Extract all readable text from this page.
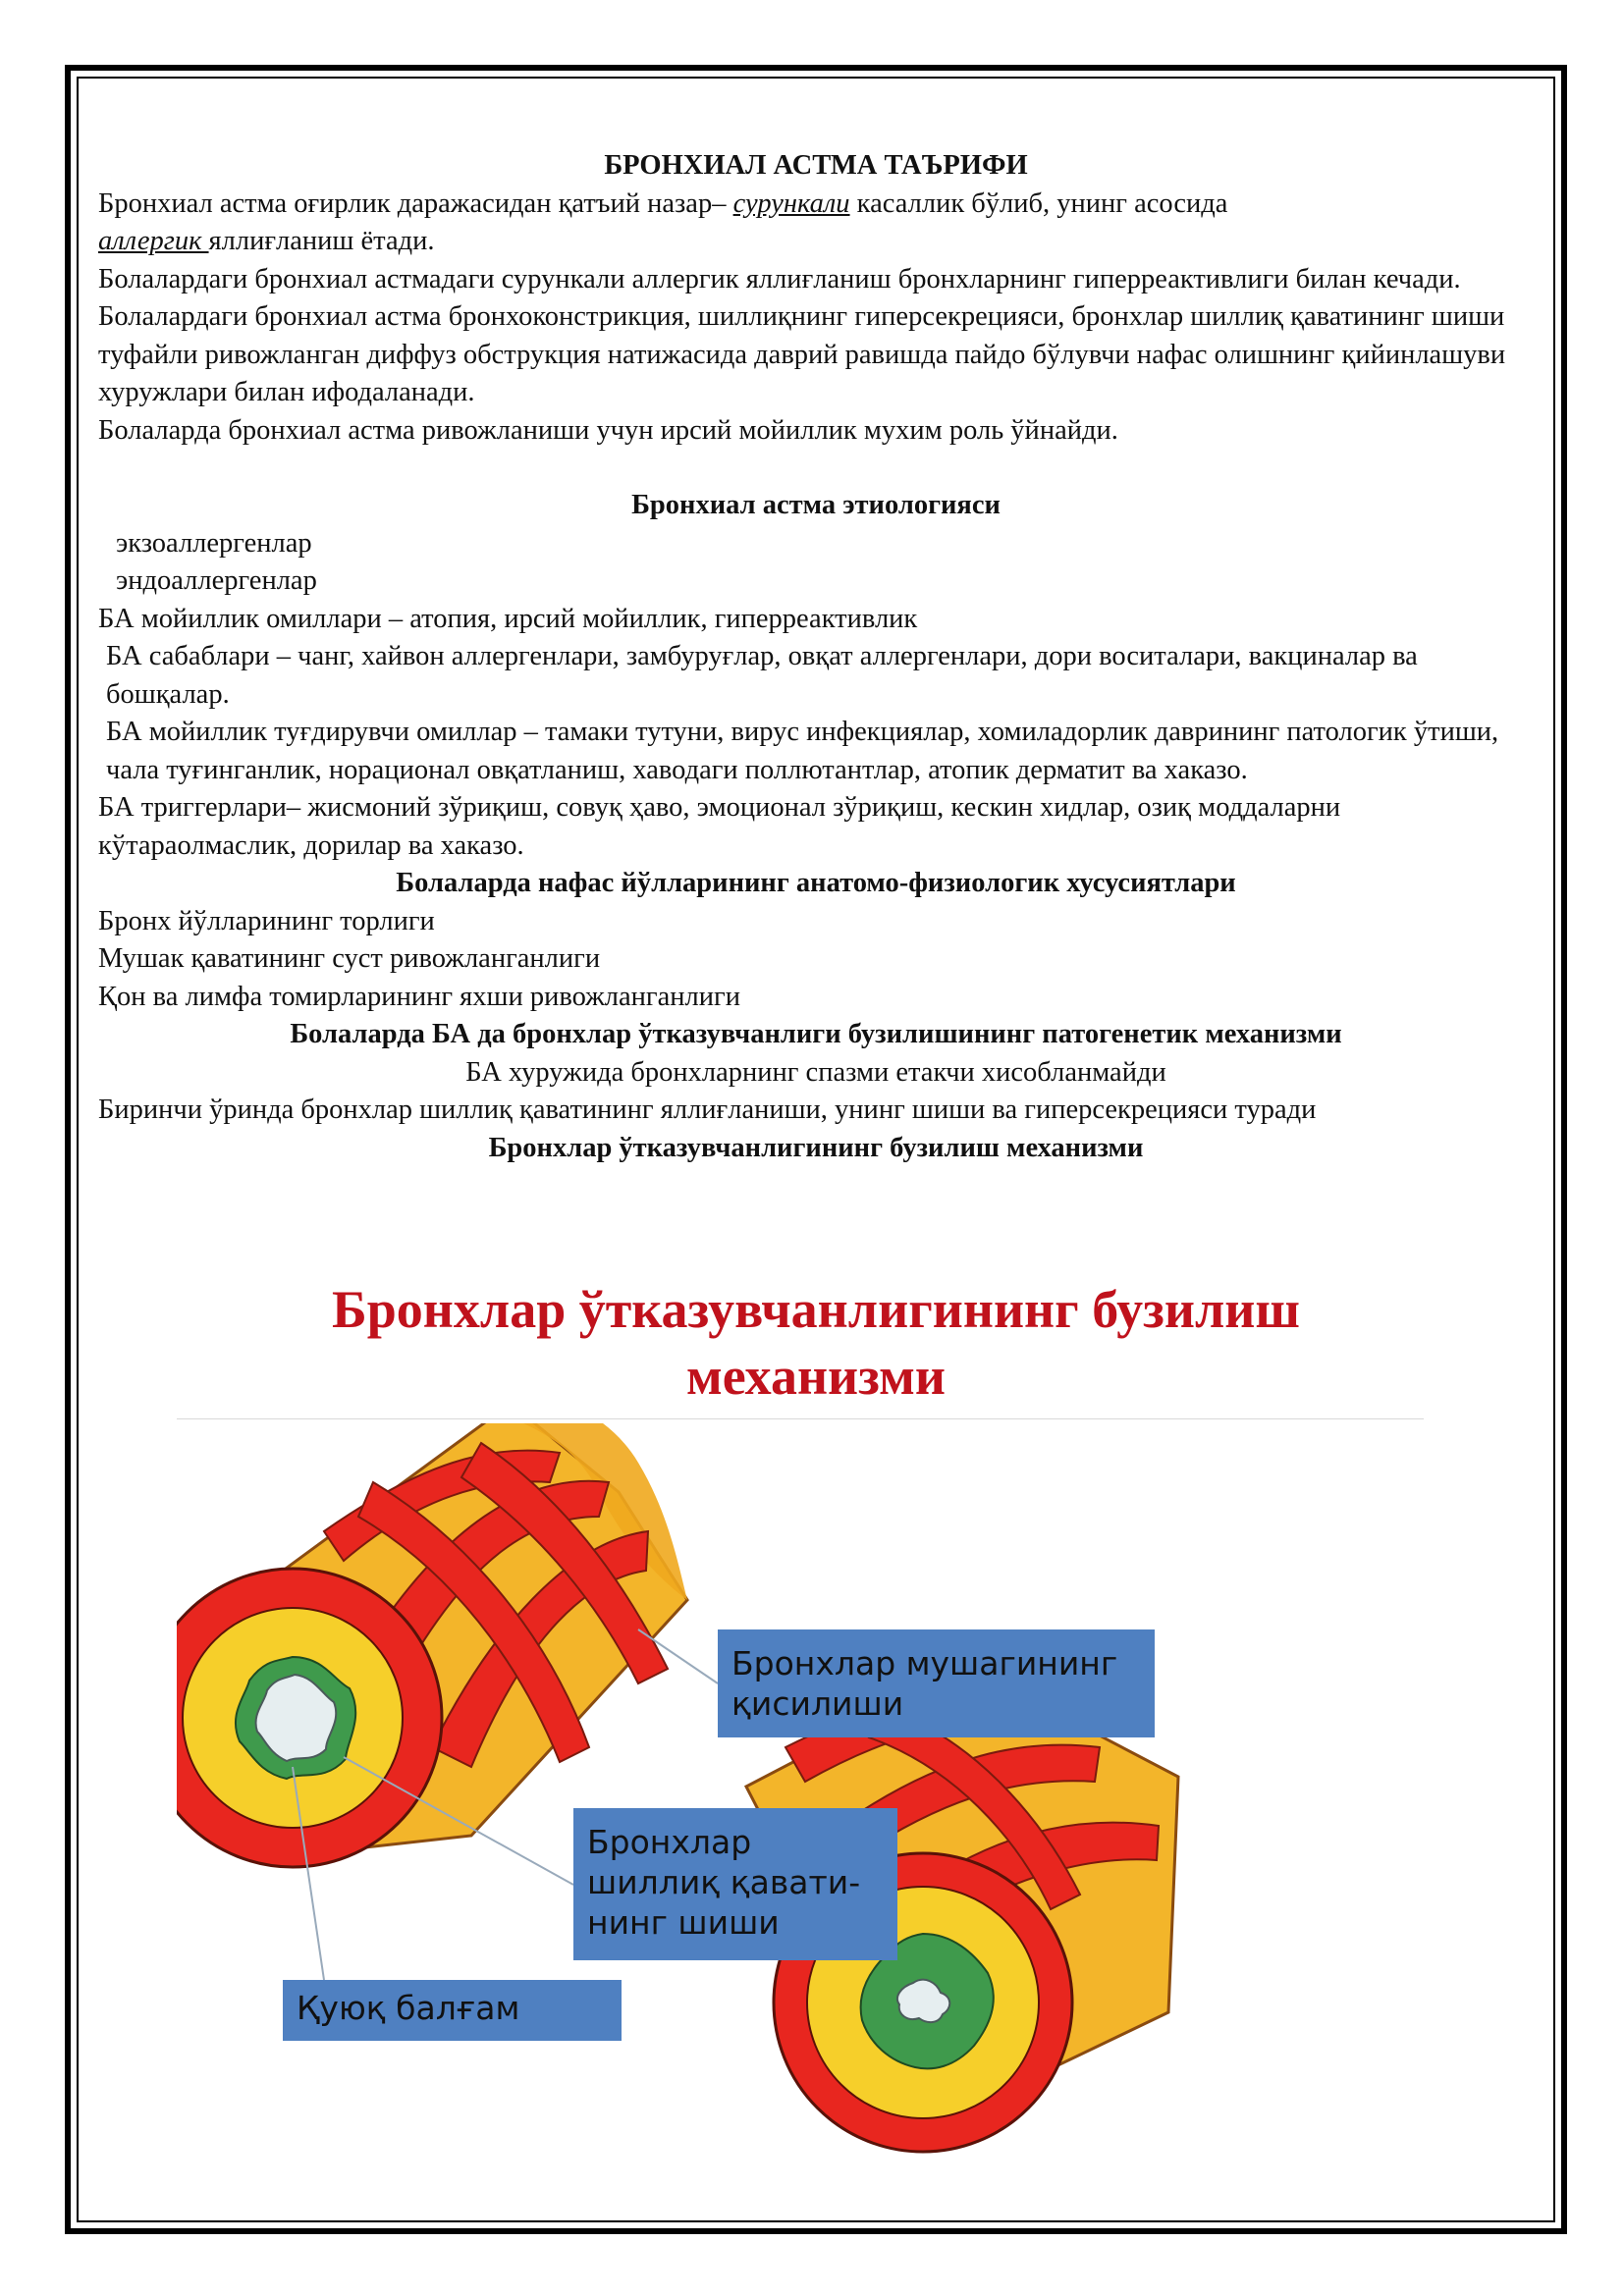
БРОНХИАЛ АСТМА ТАЪРИФИ

Бронхиал астма оғирлик даражасидан қатъий назар– сурункали касаллик бўлиб, унинг асосида
аллергик яллиғланиш ётади.

Болалардаги бронхиал астмадаги сурункали аллергик яллиғланиш бронхларнинг гиперреактивлиги билан кечади.

Болалардаги бронхиал астма бронхоконстрикция, шиллиқнинг гиперсекрецияси, бронхлар шиллиқ қаватининг шиши туфайли ривожланган диффуз обструкция натижасида даврий равишда пайдо бўлувчи нафас олишнинг қийинлашуви хуружлари билан ифодаланади.

Болаларда бронхиал астма ривожланиши учун ирсий мойиллик мухим роль ўйнайди.

Бронхиал астма этиологияси

экзоаллергенлар

эндоаллергенлар

БА мойиллик омиллари – атопия, ирсий мойиллик, гиперреактивлик

БА сабаблари – чанг, хайвон аллергенлари, замбуруғлар, овқат аллергенлари, дори воситалари, вакциналар ва бошқалар.

БА мойиллик туғдирувчи омиллар – тамаки тутуни, вирус инфекциялар, хомиладорлик даврининг патологик ўтиши, чала туғинганлик, норационал овқатланиш, хаводаги поллютантлар, атопик дерматит ва хаказо.

БА триггерлари– жисмоний зўриқиш, совуқ ҳаво, эмоционал зўриқиш, кескин хидлар, озиқ моддаларни кўтараолмаслик, дорилар ва хаказо.

Болаларда нафас йўлларининг анатомо-физиологик хусусиятлари

Бронх йўлларининг торлиги

Мушак қаватининг суст ривожланганлиги

Қон ва лимфа томирларининг яхши ривожланганлиги

Болаларда БА да бронхлар ўтказувчанлиги бузилишининг патогенетик механизми

БА хуружида бронхларнинг спазми етакчи хисобланмайди

Биринчи ўринда бронхлар шиллиқ қаватининг яллиғланиши, унинг шиши ва гиперсекрецияси туради

Бронхлар ўтказувчанлигининг бузилиш механизми

Бронхлар ўтказувчанлигининг бузилиш
механизми
Бронхлар мушагининг
қисилиши
Бронхлар
шиллиқ қавати-
нинг шиши
Қуюқ балғам
